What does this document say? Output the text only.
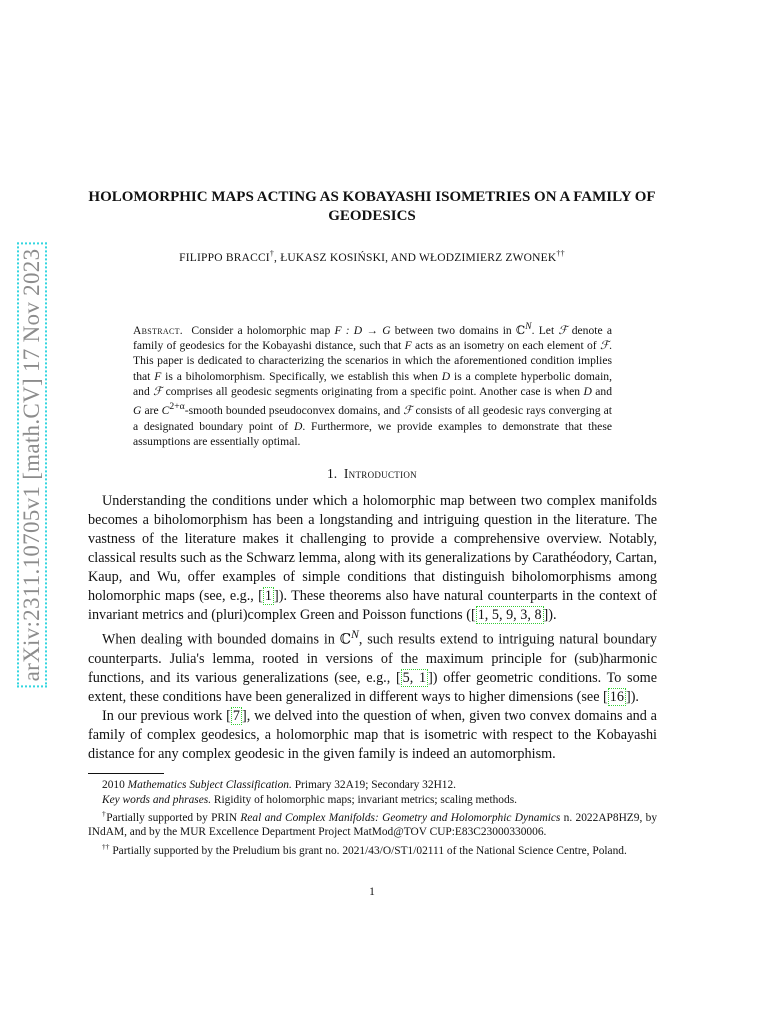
arXiv:2311.10705v1 [math.CV] 17 Nov 2023
HOLOMORPHIC MAPS ACTING AS KOBAYASHI ISOMETRIES ON A FAMILY OF GEODESICS
FILIPPO BRACCI†, ŁUKASZ KOSIŃSKI, AND WŁODZIMIERZ ZWONEK††

Abstract. Consider a holomorphic map F : D → G between two domains in ℂ$^N$. Let ℱ denote a family of geodesics for the Kobayashi distance, such that F acts as an isometry on each element of ℱ. This paper is dedicated to characterizing the scenarios in which the aforementioned condition implies that F is a biholomorphism. Specifically, we establish this when D is a complete hyperbolic domain, and ℱ comprises all geodesic segments originating from a specific point. Another case is when D and G are $C^{2+\alpha}$-smooth bounded pseudoconvex domains, and ℱ consists of all geodesic rays converging at a designated boundary point of D. Furthermore, we provide examples to demonstrate that these assumptions are essentially optimal.

1. Introduction

Understanding the conditions under which a holomorphic map between two complex manifolds becomes a biholomorphism has been a longstanding and intriguing question in the literature. The vastness of the literature makes it challenging to provide a comprehensive overview. Notably, classical results such as the Schwarz lemma, along with its generalizations by Carathéodory, Cartan, Kaup, and Wu, offer examples of simple conditions that distinguish biholomorphisms among holomorphic maps (see, e.g., [ 1 ]). These theorems also have natural counterparts in the context of invariant metrics and (pluri)complex Green and Poisson functions ([ 1, 5, 9, 3, 8 ]).

When dealing with bounded domains in ℂ$^N$, such results extend to intriguing natural boundary counterparts. Julia's lemma, rooted in versions of the maximum principle for (sub)harmonic functions, and its various generalizations (see, e.g., [ 5, 1 ]) offer geometric conditions. To some extent, these conditions have been generalized in different ways to higher dimensions (see [ 16 ]).

In our previous work [ 7 ], we delved into the question of when, given two convex domains and a family of complex geodesics, a holomorphic map that is isometric with respect to the Kobayashi distance for any complex geodesic in the given family is indeed an automorphism.

2010 Mathematics Subject Classification. Primary 32A19; Secondary 32H12.

Key words and phrases. Rigidity of holomorphic maps; invariant metrics; scaling methods.

†Partially supported by PRIN Real and Complex Manifolds: Geometry and Holomorphic Dynamics n. 2022AP8HZ9, by INdAM, and by the MUR Excellence Department Project MatMod@TOV CUP:E83C23000330006.

†† Partially supported by the Preludium bis grant no. 2021/43/O/ST1/02111 of the National Science Centre, Poland.

1
